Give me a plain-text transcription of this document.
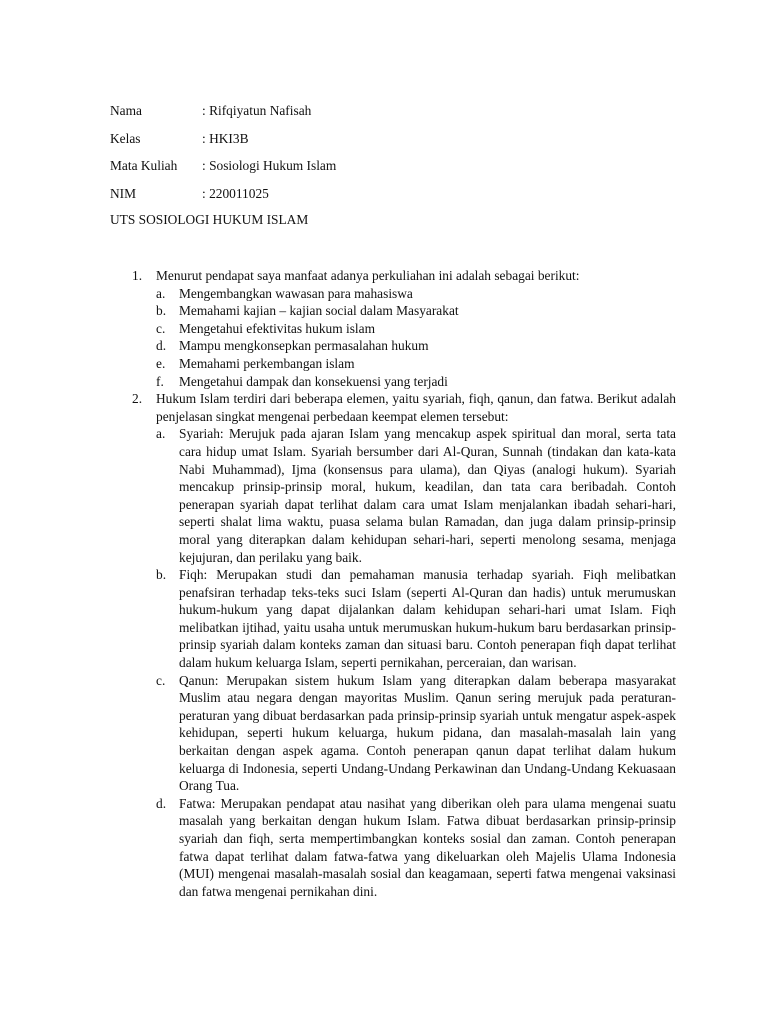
Nama	: Rifqiyatun Nafisah
Kelas	: HKI3B
Mata Kuliah : Sosiologi Hukum Islam
NIM	: 220011025
UTS SOSIOLOGI HUKUM ISLAM
1. Menurut pendapat saya manfaat adanya perkuliahan ini adalah sebagai berikut:
a. Mengembangkan wawasan para mahasiswa
b. Memahami kajian – kajian social dalam Masyarakat
c. Mengetahui efektivitas hukum islam
d. Mampu mengkonsepkan permasalahan hukum
e. Memahami perkembangan islam
f. Mengetahui dampak dan konsekuensi yang terjadi
2. Hukum Islam terdiri dari beberapa elemen, yaitu syariah, fiqh, qanun, dan fatwa. Berikut adalah penjelasan singkat mengenai perbedaan keempat elemen tersebut:
a. Syariah: Merujuk pada ajaran Islam yang mencakup aspek spiritual dan moral, serta tata cara hidup umat Islam. Syariah bersumber dari Al-Quran, Sunnah (tindakan dan kata-kata Nabi Muhammad), Ijma (konsensus para ulama), dan Qiyas (analogi hukum). Syariah mencakup prinsip-prinsip moral, hukum, keadilan, dan tata cara beribadah. Contoh penerapan syariah dapat terlihat dalam cara umat Islam menjalankan ibadah sehari-hari, seperti shalat lima waktu, puasa selama bulan Ramadan, dan juga dalam prinsip-prinsip moral yang diterapkan dalam kehidupan sehari-hari, seperti menolong sesama, menjaga kejujuran, dan perilaku yang baik.
b. Fiqh: Merupakan studi dan pemahaman manusia terhadap syariah. Fiqh melibatkan penafsiran terhadap teks-teks suci Islam (seperti Al-Quran dan hadis) untuk merumuskan hukum-hukum yang dapat dijalankan dalam kehidupan sehari-hari umat Islam. Fiqh melibatkan ijtihad, yaitu usaha untuk merumuskan hukum-hukum baru berdasarkan prinsip-prinsip syariah dalam konteks zaman dan situasi baru. Contoh penerapan fiqh dapat terlihat dalam hukum keluarga Islam, seperti pernikahan, perceraian, dan warisan.
c. Qanun: Merupakan sistem hukum Islam yang diterapkan dalam beberapa masyarakat Muslim atau negara dengan mayoritas Muslim. Qanun sering merujuk pada peraturan-peraturan yang dibuat berdasarkan pada prinsip-prinsip syariah untuk mengatur aspek-aspek kehidupan, seperti hukum keluarga, hukum pidana, dan masalah-masalah lain yang berkaitan dengan aspek agama. Contoh penerapan qanun dapat terlihat dalam hukum keluarga di Indonesia, seperti Undang-Undang Perkawinan dan Undang-Undang Kekuasaan Orang Tua.
d. Fatwa: Merupakan pendapat atau nasihat yang diberikan oleh para ulama mengenai suatu masalah yang berkaitan dengan hukum Islam. Fatwa dibuat berdasarkan prinsip-prinsip syariah dan fiqh, serta mempertimbangkan konteks sosial dan zaman. Contoh penerapan fatwa dapat terlihat dalam fatwa-fatwa yang dikeluarkan oleh Majelis Ulama Indonesia (MUI) mengenai masalah-masalah sosial dan keagamaan, seperti fatwa mengenai vaksinasi dan fatwa mengenai pernikahan dini.
